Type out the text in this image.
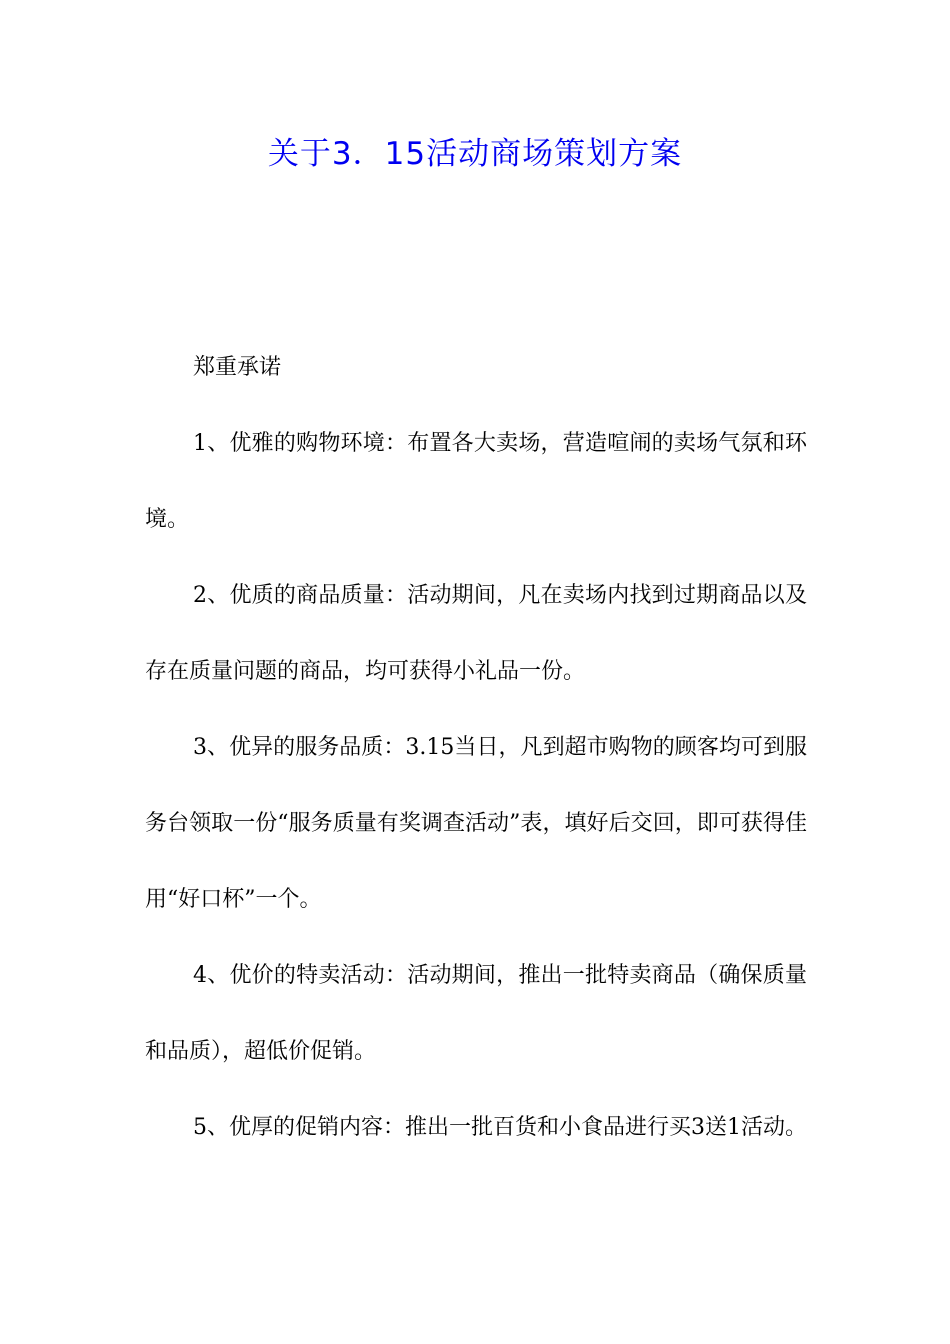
关于3．15活动商场策划方案

郑重承诺

1、优雅的购物环境：布置各大卖场，营造喧闹的卖场气氛和环境。

2、优质的商品质量：活动期间，凡在卖场内找到过期商品以及存在质量问题的商品，均可获得小礼品一份。

3、优异的服务品质：3.15当日，凡到超市购物的顾客均可到服务台领取一份“服务质量有奖调查活动”表，填好后交回，即可获得佳用“好口杯”一个。

4、优价的特卖活动：活动期间，推出一批特卖商品（确保质量和品质），超低价促销。

5、优厚的促销内容：推出一批百货和小食品进行买3送1活动。
